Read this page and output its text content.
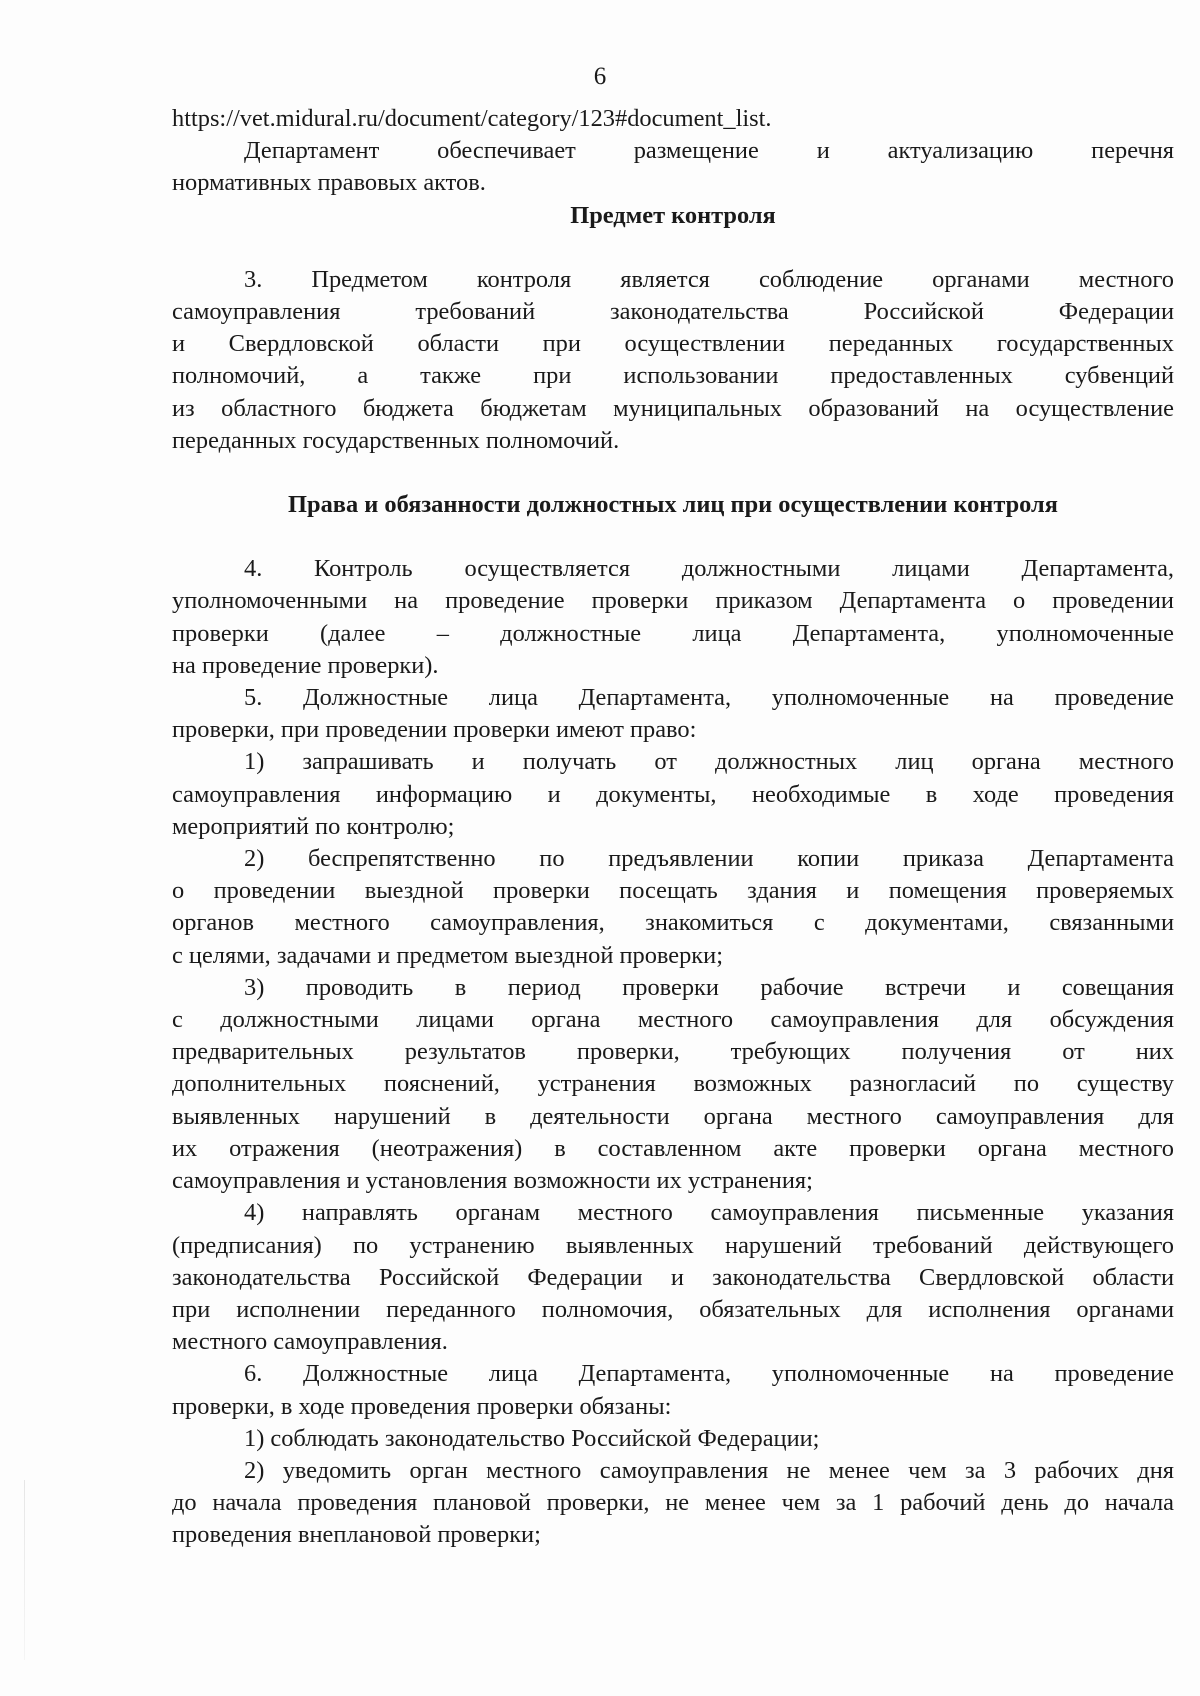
6
https://vet.midural.ru/document/category/123#document_list.
Департамент обеспечивает размещение и актуализацию перечня
нормативных правовых актов.
Предмет контроля
3. Предметом контроля является соблюдение органами местного
самоуправления требований законодательства Российской Федерации
и Свердловской области при осуществлении переданных государственных
полномочий, а также при использовании предоставленных субвенций
из областного бюджета бюджетам муниципальных образований на осуществление
переданных государственных полномочий.
Права и обязанности должностных лиц при осуществлении контроля
4. Контроль осуществляется должностными лицами Департамента,
уполномоченными на проведение проверки приказом Департамента о проведении
проверки (далее – должностные лица Департамента, уполномоченные
на проведение проверки).
5. Должностные лица Департамента, уполномоченные на проведение
проверки, при проведении проверки имеют право:
1) запрашивать и получать от должностных лиц органа местного
самоуправления информацию и документы, необходимые в ходе проведения
мероприятий по контролю;
2) беспрепятственно по предъявлении копии приказа Департамента
о проведении выездной проверки посещать здания и помещения проверяемых
органов местного самоуправления, знакомиться с документами, связанными
с целями, задачами и предметом выездной проверки;
3) проводить в период проверки рабочие встречи и совещания
с должностными лицами органа местного самоуправления для обсуждения
предварительных результатов проверки, требующих получения от них
дополнительных пояснений, устранения возможных разногласий по существу
выявленных нарушений в деятельности органа местного самоуправления для
их отражения (неотражения) в составленном акте проверки органа местного
самоуправления и установления возможности их устранения;
4) направлять органам местного самоуправления письменные указания
(предписания) по устранению выявленных нарушений требований действующего
законодательства Российской Федерации и законодательства Свердловской области
при исполнении переданного полномочия, обязательных для исполнения органами
местного самоуправления.
6. Должностные лица Департамента, уполномоченные на проведение
проверки, в ходе проведения проверки обязаны:
1) соблюдать законодательство Российской Федерации;
2) уведомить орган местного самоуправления не менее чем за 3 рабочих дня
до начала проведения плановой проверки, не менее чем за 1 рабочий день до начала
проведения внеплановой проверки;
